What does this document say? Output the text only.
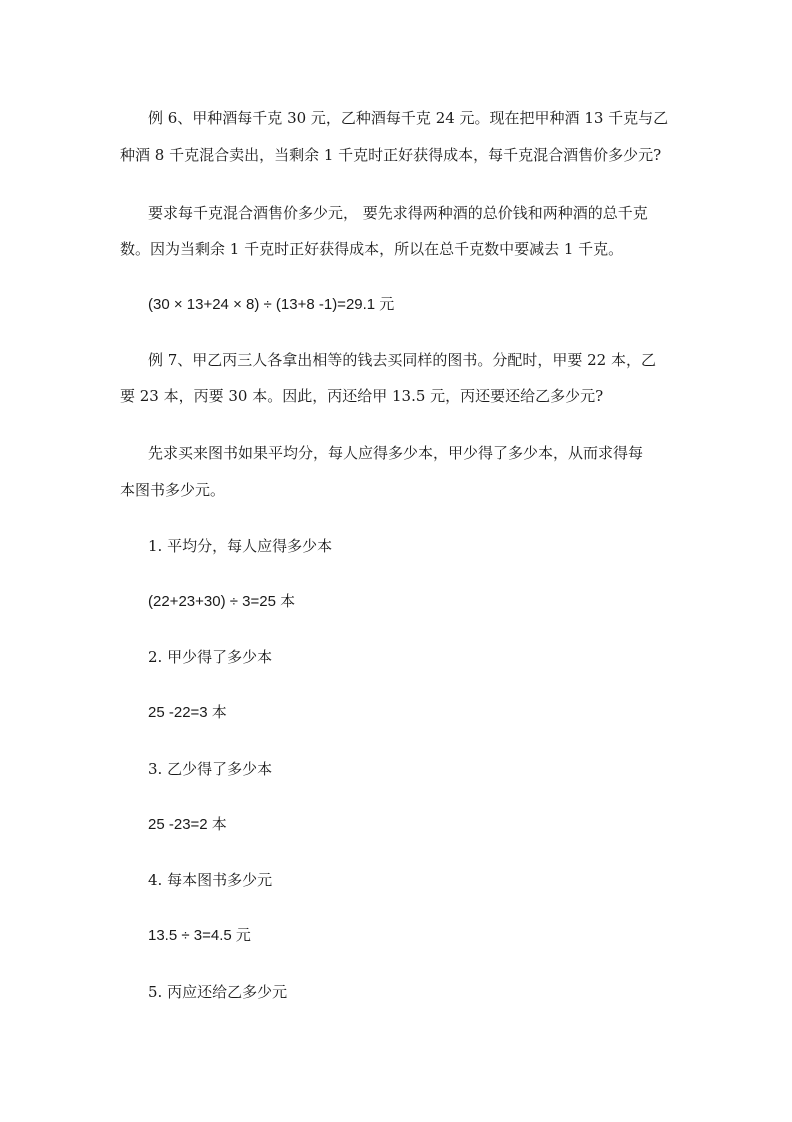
例 6、甲种酒每千克 30 元，乙种酒每千克 24 元。现在把甲种酒 13 千克与乙
种酒 8 千克混合卖出，当剩余 1 千克时正好获得成本，每千克混合酒售价多少元?
要求每千克混合酒售价多少元， 要先求得两种酒的总价钱和两种酒的总千克
数。因为当剩余 1 千克时正好获得成本，所以在总千克数中要减去 1 千克。
(30 × 13+24 × 8) ÷ (13+8 -1)=29.1 元
例 7、甲乙丙三人各拿出相等的钱去买同样的图书。分配时，甲要 22 本，乙
要 23 本，丙要 30 本。因此，丙还给甲 13.5 元，丙还要还给乙多少元?
先求买来图书如果平均分，每人应得多少本，甲少得了多少本，从而求得每
本图书多少元。
1. 平均分，每人应得多少本
(22+23+30) ÷ 3=25 本
2. 甲少得了多少本
25 -22=3 本
3. 乙少得了多少本
25 -23=2 本
4. 每本图书多少元
13.5 ÷ 3=4.5 元
5. 丙应还给乙多少元
